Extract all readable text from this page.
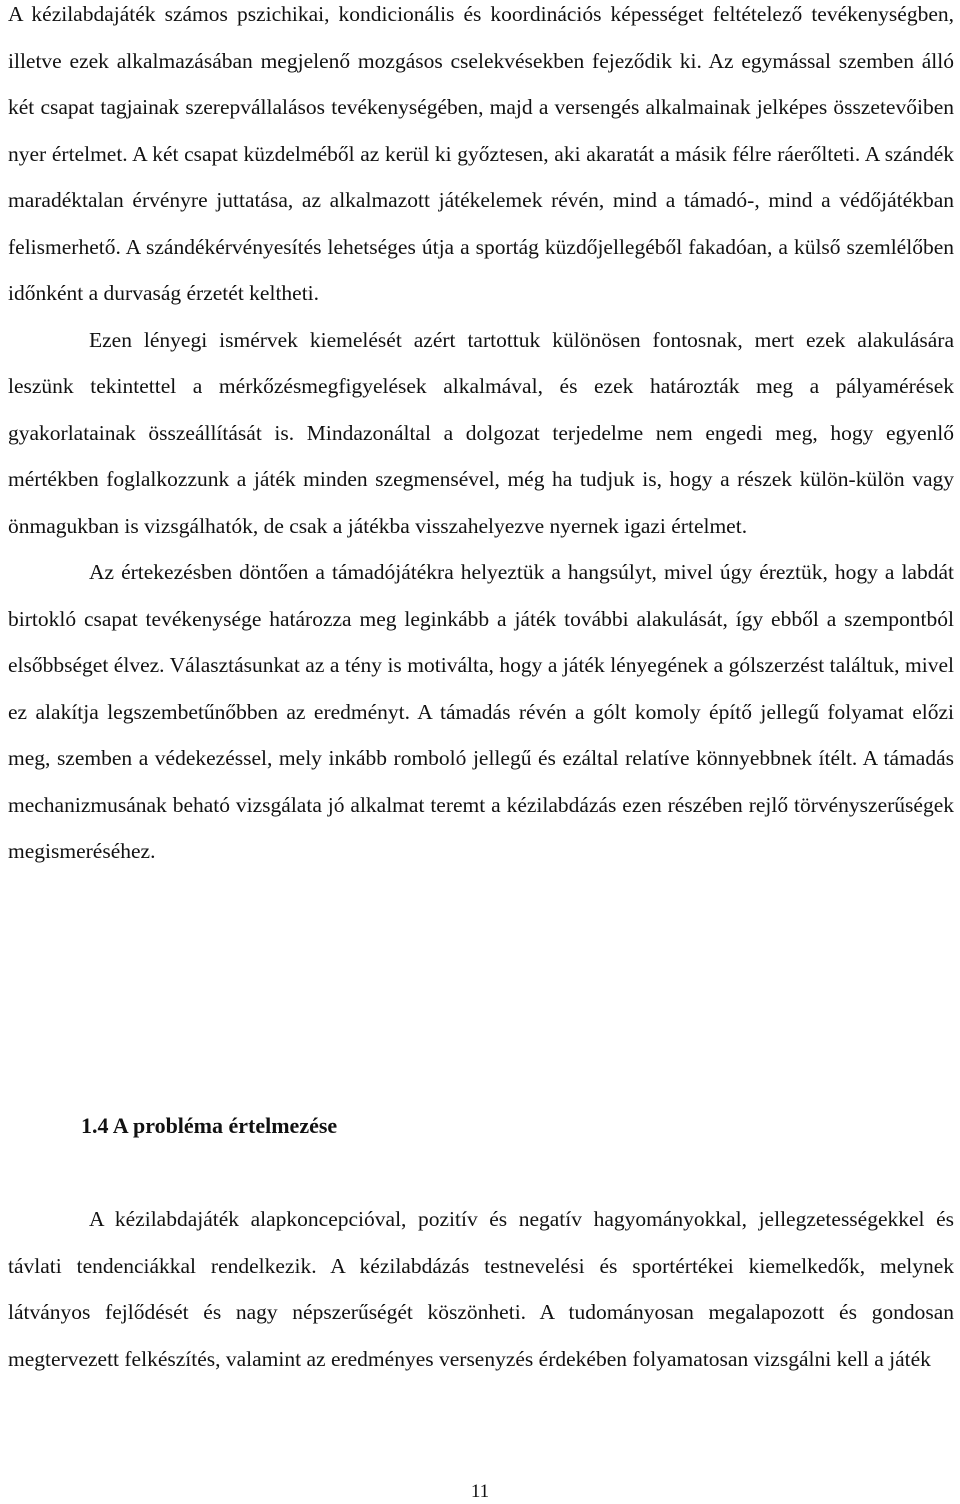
A kézilabdajáték számos pszichikai, kondicionális és koordinációs képességet feltételező tevékenységben, illetve ezek alkalmazásában megjelenő mozgásos cselekvésekben fejeződik ki. Az egymással szemben álló két csapat tagjainak szerepvállalásos tevékenységében, majd a versengés alkalmainak jelképes összetevőiben nyer értelmet. A két csapat küzdelméből az kerül ki győztesen, aki akaratát a másik félre ráerőlteti. A szándék maradéktalan érvényre juttatása, az alkalmazott játékelemek révén, mind a támadó-, mind a védőjátékban felismerhető. A szándékérvényesítés lehetséges útja a sportág küzdőjellegéből fakadóan, a külső szemlélőben időnként a durvaság érzetét keltheti.

Ezen lényegi ismérvek kiemelését azért tartottuk különösen fontosnak, mert ezek alakulására leszünk tekintettel a mérkőzésmegfigyelések alkalmával, és ezek határozták meg a pályamérések gyakorlatainak összeállítását is. Mindazonáltal a dolgozat terjedelme nem engedi meg, hogy egyenlő mértékben foglalkozzunk a játék minden szegmensével, még ha tudjuk is, hogy a részek külön-külön vagy önmagukban is vizsgálhatók, de csak a játékba visszahelyezve nyernek igazi értelmet.

Az értekezésben döntően a támadójátékra helyeztük a hangsúlyt, mivel úgy éreztük, hogy a labdát birtokló csapat tevékenysége határozza meg leginkább a játék további alakulását, így ebből a szempontból elsőbbséget élvez. Választásunkat az a tény is motiválta, hogy a játék lényegének a gólszerzést találtuk, mivel ez alakítja legszembetűnőbben az eredményt. A támadás révén a gólt komoly építő jellegű folyamat előzi meg, szemben a védekezéssel, mely inkább romboló jellegű és ezáltal relatíve könnyebbnek ítélt. A támadás mechanizmusának beható vizsgálata jó alkalmat teremt a kézilabdázás ezen részében rejlő törvényszerűségek megismeréséhez.

1.4 A probléma értelmezése

A kézilabdajáték alapkoncepcióval, pozitív és negatív hagyományokkal, jellegzetességekkel és távlati tendenciákkal rendelkezik. A kézilabdázás testnevelési és sportértékei kiemelkedők, melynek látványos fejlődését és nagy népszerűségét köszönheti. A tudományosan megalapozott és gondosan megtervezett felkészítés, valamint az eredményes versenyzés érdekében folyamatosan vizsgálni kell a játék

11
